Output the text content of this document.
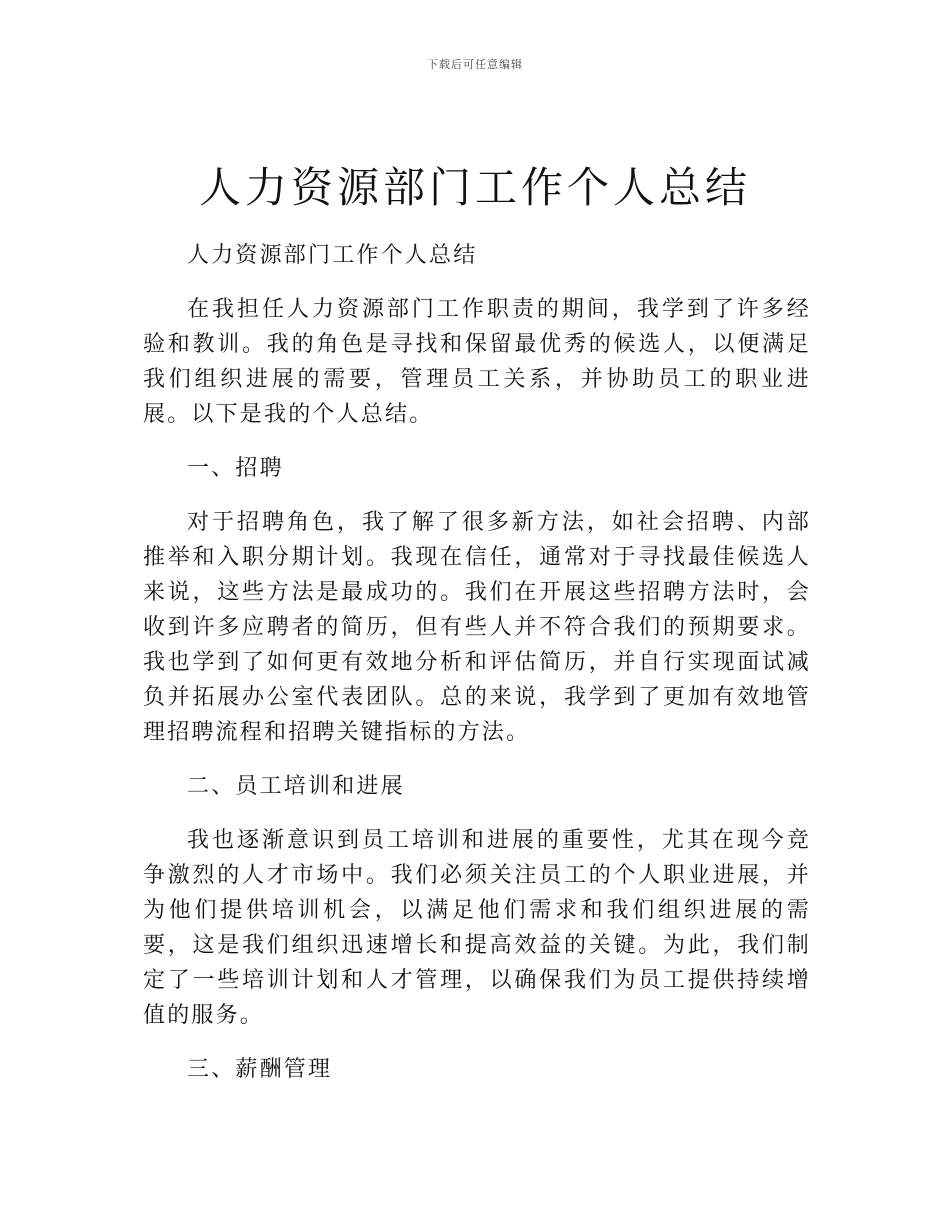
下载后可任意编辑
人力资源部门工作个人总结

人力资源部门工作个人总结

在我担任人力资源部门工作职责的期间，我学到了许多经验和教训。我的角色是寻找和保留最优秀的候选人，以便满足我们组织进展的需要，管理员工关系，并协助员工的职业进展。以下是我的个人总结。

一、招聘

对于招聘角色，我了解了很多新方法，如社会招聘、内部推举和入职分期计划。我现在信任，通常对于寻找最佳候选人来说，这些方法是最成功的。我们在开展这些招聘方法时，会收到许多应聘者的简历，但有些人并不符合我们的预期要求。我也学到了如何更有效地分析和评估简历，并自行实现面试减负并拓展办公室代表团队。总的来说，我学到了更加有效地管理招聘流程和招聘关键指标的方法。

二、员工培训和进展

我也逐渐意识到员工培训和进展的重要性，尤其在现今竞争激烈的人才市场中。我们必须关注员工的个人职业进展，并为他们提供培训机会，以满足他们需求和我们组织进展的需要，这是我们组织迅速增长和提高效益的关键。为此，我们制定了一些培训计划和人才管理，以确保我们为员工提供持续增值的服务。

三、薪酬管理
